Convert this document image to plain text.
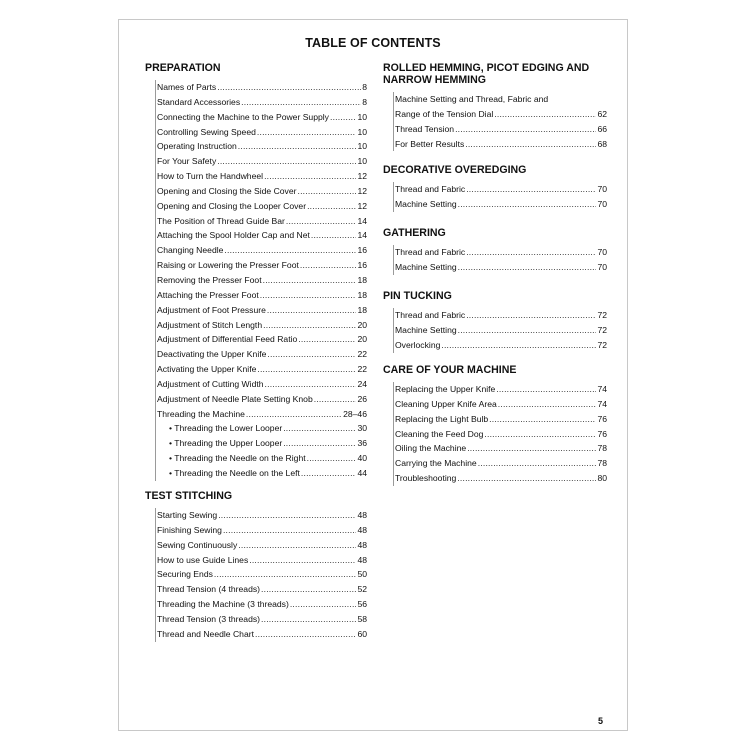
TABLE OF CONTENTS
PREPARATION
Names of Parts .....	8
Standard Accessories .....	8
Connecting the Machine to the Power Supply .....	10
Controlling Sewing Speed .....	10
Operating Instruction .....	10
For Your Safety .....	10
How to Turn the Handwheel .....	12
Opening and Closing the Side Cover .....	12
Opening and Closing the Looper Cover .....	12
The Position of Thread Guide Bar .....	14
Attaching the Spool Holder Cap and Net .....	14
Changing Needle .....	16
Raising or Lowering the Presser Foot .....	16
Removing the Presser Foot .....	18
Attaching the Presser Foot .....	18
Adjustment of Foot Pressure .....	18
Adjustment of Stitch Length .....	20
Adjustment of Differential Feed Ratio .....	20
Deactivating the Upper Knife .....	22
Activating the Upper Knife .....	22
Adjustment of Cutting Width .....	24
Adjustment of Needle Plate Setting Knob .....	26
Threading the Machine .....	28–46
• Threading the Lower Looper .....	30
• Threading the Upper Looper .....	36
• Threading the Needle on the Right .....	40
• Threading the Needle on the Left .....	44
TEST STITCHING
Starting Sewing .....	48
Finishing Sewing .....	48
Sewing Continuously .....	48
How to use Guide Lines .....	48
Securing Ends .....	50
Thread Tension (4 threads) .....	52
Threading the Machine (3 threads) .....	56
Thread Tension (3 threads) .....	58
Thread and Needle Chart .....	60
ROLLED HEMMING, PICOT EDGING AND NARROW HEMMING
Machine Setting and Thread, Fabric and
Range of the Tension Dial .....	62
Thread Tension .....	66
For Better Results .....	68
DECORATIVE OVEREDGING
Thread and Fabric .....	70
Machine Setting .....	70
GATHERING
Thread and Fabric .....	70
Machine Setting .....	70
PIN TUCKING
Thread and Fabric .....	72
Machine Setting .....	72
Overlocking .....	72
CARE OF YOUR MACHINE
Replacing the Upper Knife .....	74
Cleaning Upper Knife Area .....	74
Replacing the Light Bulb .....	76
Cleaning the Feed Dog .....	76
Oiling the Machine .....	78
Carrying the Machine .....	78
Troubleshooting .....	80
5
